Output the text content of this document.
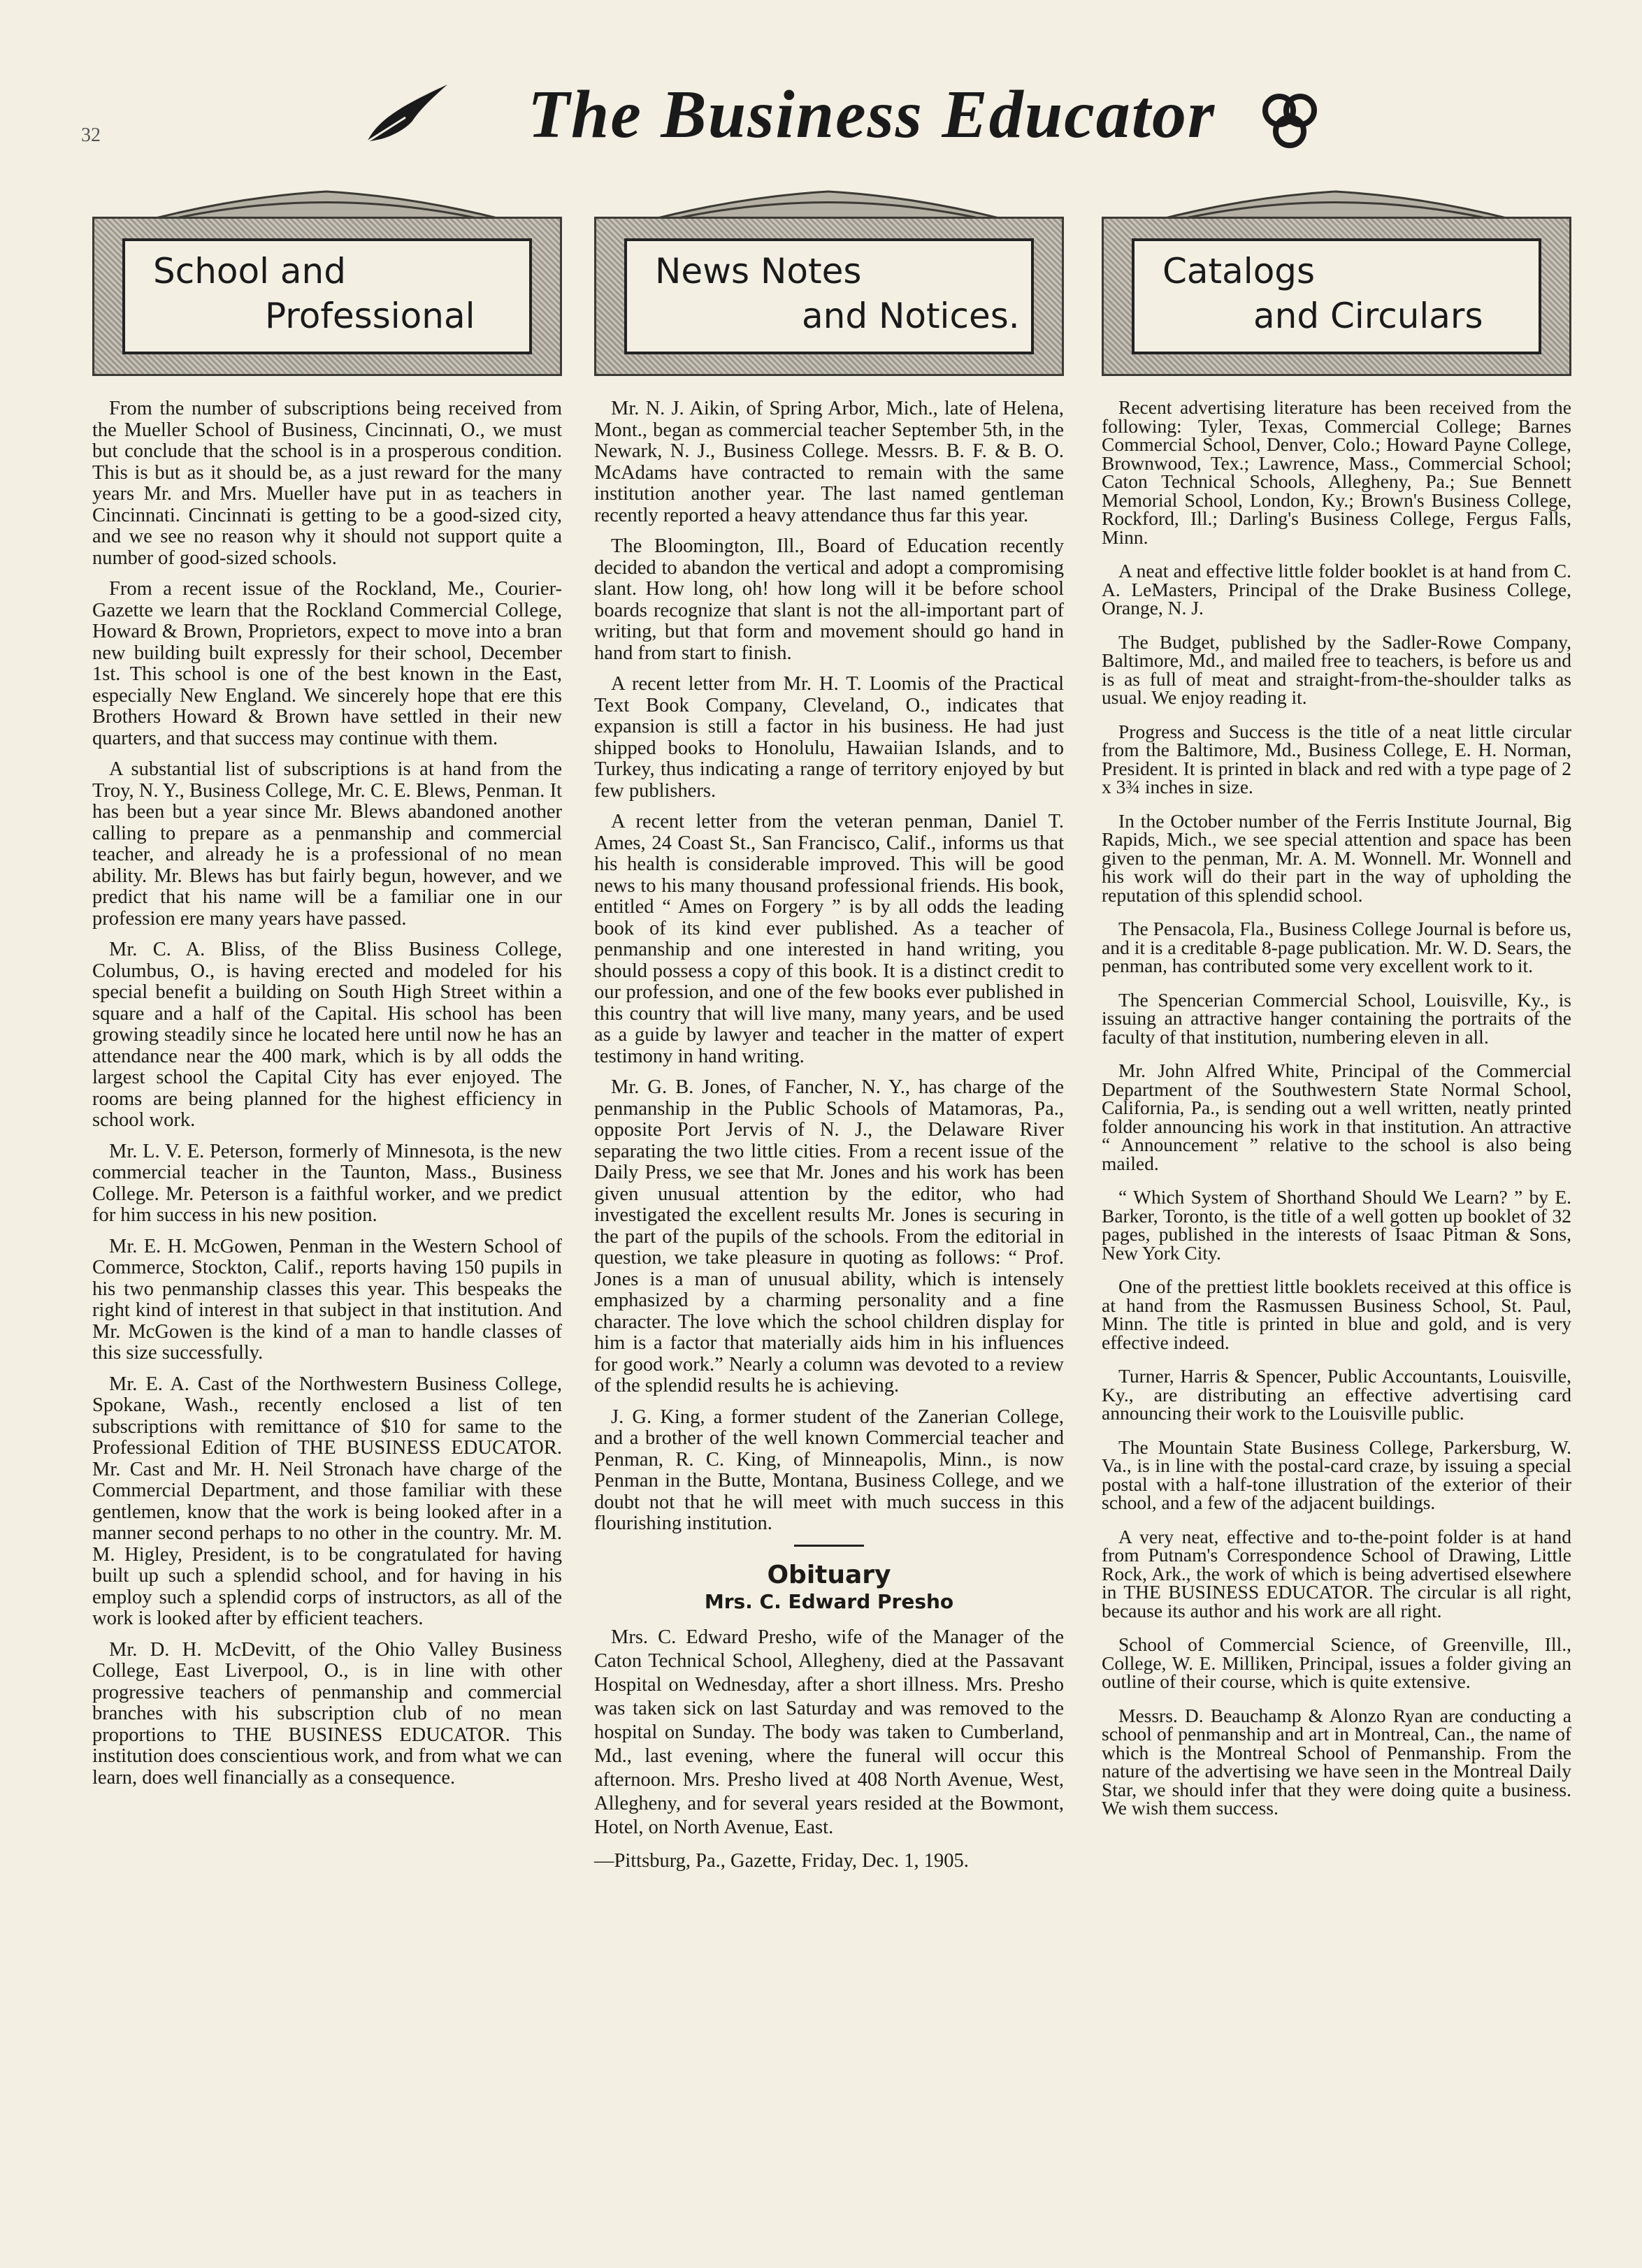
32	The Business Educator
School and
Professional

From the number of subscriptions being received from the Mueller School of Business, Cincinnati, O., we must but conclude that the school is in a prosperous condition. This is but as it should be, as a just reward for the many years Mr. and Mrs. Mueller have put in as teachers in Cincinnati. Cincinnati is getting to be a good-sized city, and we see no reason why it should not support quite a number of good-sized schools.

From a recent issue of the Rockland, Me., Courier-Gazette we learn that the Rockland Commercial College, Howard & Brown, Proprietors, expect to move into a bran new building built expressly for their school, December 1st. This school is one of the best known in the East, especially New England. We sincerely hope that ere this Brothers Howard & Brown have settled in their new quarters, and that success may continue with them.

A substantial list of subscriptions is at hand from the Troy, N. Y., Business College, Mr. C. E. Blews, Penman. It has been but a year since Mr. Blews abandoned another calling to prepare as a penmanship and commercial teacher, and already he is a professional of no mean ability. Mr. Blews has but fairly begun, however, and we predict that his name will be a familiar one in our profession ere many years have passed.

Mr. C. A. Bliss, of the Bliss Business College, Columbus, O., is having erected and modeled for his special benefit a building on South High Street within a square and a half of the Capital. His school has been growing steadily since he located here until now he has an attendance near the 400 mark, which is by all odds the largest school the Capital City has ever enjoyed. The rooms are being planned for the highest efficiency in school work.

Mr. L. V. E. Peterson, formerly of Minnesota, is the new commercial teacher in the Taunton, Mass., Business College. Mr. Peterson is a faithful worker, and we predict for him success in his new position.

Mr. E. H. McGowen, Penman in the Western School of Commerce, Stockton, Calif., reports having 150 pupils in his two penmanship classes this year. This bespeaks the right kind of interest in that subject in that institution. And Mr. McGowen is the kind of a man to handle classes of this size successfully.

Mr. E. A. Cast of the Northwestern Business College, Spokane, Wash., recently enclosed a list of ten subscriptions with remittance of $10 for same to the Professional Edition of THE BUSINESS EDUCATOR. Mr. Cast and Mr. H. Neil Stronach have charge of the Commercial Department, and those familiar with these gentlemen, know that the work is being looked after in a manner second perhaps to no other in the country. Mr. M. M. Higley, President, is to be congratulated for having built up such a splendid school, and for having in his employ such a splendid corps of instructors, as all of the work is looked after by efficient teachers.

Mr. D. H. McDevitt, of the Ohio Valley Business College, East Liverpool, O., is in line with other progressive teachers of penmanship and commercial branches with his subscription club of no mean proportions to THE BUSINESS EDUCATOR. This institution does conscientious work, and from what we can learn, does well financially as a consequence.

News Notes
and Notices.

Mr. N. J. Aikin, of Spring Arbor, Mich., late of Helena, Mont., began as commercial teacher September 5th, in the Newark, N. J., Business College. Messrs. B. F. & B. O. McAdams have contracted to remain with the same institution another year. The last named gentleman recently reported a heavy attendance thus far this year.

The Bloomington, Ill., Board of Education recently decided to abandon the vertical and adopt a compromising slant. How long, oh! how long will it be before school boards recognize that slant is not the all-important part of writing, but that form and movement should go hand in hand from start to finish.

A recent letter from Mr. H. T. Loomis of the Practical Text Book Company, Cleveland, O., indicates that expansion is still a factor in his business. He had just shipped books to Honolulu, Hawaiian Islands, and to Turkey, thus indicating a range of territory enjoyed by but few publishers.

A recent letter from the veteran penman, Daniel T. Ames, 24 Coast St., San Francisco, Calif., informs us that his health is considerable improved. This will be good news to his many thousand professional friends. His book, entitled “ Ames on Forgery ” is by all odds the leading book of its kind ever published. As a teacher of penmanship and one interested in hand writing, you should possess a copy of this book. It is a distinct credit to our profession, and one of the few books ever published in this country that will live many, many years, and be used as a guide by lawyer and teacher in the matter of expert testimony in hand writing.

Mr. G. B. Jones, of Fancher, N. Y., has charge of the penmanship in the Public Schools of Matamoras, Pa., opposite Port Jervis of N. J., the Delaware River separating the two little cities. From a recent issue of the Daily Press, we see that Mr. Jones and his work has been given unusual attention by the editor, who had investigated the excellent results Mr. Jones is securing in the part of the pupils of the schools. From the editorial in question, we take pleasure in quoting as follows: “ Prof. Jones is a man of unusual ability, which is intensely emphasized by a charming personality and a fine character. The love which the school children display for him is a factor that materially aids him in his influences for good work.” Nearly a column was devoted to a review of the splendid results he is achieving.

J. G. King, a former student of the Zanerian College, and a brother of the well known Commercial teacher and Penman, R. C. King, of Minneapolis, Minn., is now Penman in the Butte, Montana, Business College, and we doubt not that he will meet with much success in this flourishing institution.

Obituary
Mrs. C. Edward Presho

Mrs. C. Edward Presho, wife of the Manager of the Caton Technical School, Allegheny, died at the Passavant Hospital on Wednesday, after a short illness. Mrs. Presho was taken sick on last Saturday and was removed to the hospital on Sunday. The body was taken to Cumberland, Md., last evening, where the funeral will occur this afternoon. Mrs. Presho lived at 408 North Avenue, West, Allegheny, and for several years resided at the Bowmont, Hotel, on North Avenue, East.

—Pittsburg, Pa., Gazette, Friday, Dec. 1, 1905.

Catalogs
and Circulars

Recent advertising literature has been received from the following: Tyler, Texas, Commercial College; Barnes Commercial School, Denver, Colo.; Howard Payne College, Brownwood, Tex.; Lawrence, Mass., Commercial School; Caton Technical Schools, Allegheny, Pa.; Sue Bennett Memorial School, London, Ky.; Brown's Business College, Rockford, Ill.; Darling's Business College, Fergus Falls, Minn.

A neat and effective little folder booklet is at hand from C. A. LeMasters, Principal of the Drake Business College, Orange, N. J.

The Budget, published by the Sadler-Rowe Company, Baltimore, Md., and mailed free to teachers, is before us and is as full of meat and straight-from-the-shoulder talks as usual. We enjoy reading it.

Progress and Success is the title of a neat little circular from the Baltimore, Md., Business College, E. H. Norman, President. It is printed in black and red with a type page of 2 x 3¾ inches in size.

In the October number of the Ferris Institute Journal, Big Rapids, Mich., we see special attention and space has been given to the penman, Mr. A. M. Wonnell. Mr. Wonnell and his work will do their part in the way of upholding the reputation of this splendid school.

The Pensacola, Fla., Business College Journal is before us, and it is a creditable 8-page publication. Mr. W. D. Sears, the penman, has contributed some very excellent work to it.

The Spencerian Commercial School, Louisville, Ky., is issuing an attractive hanger containing the portraits of the faculty of that institution, numbering eleven in all.

Mr. John Alfred White, Principal of the Commercial Department of the Southwestern State Normal School, California, Pa., is sending out a well written, neatly printed folder announcing his work in that institution. An attractive “ Announcement ” relative to the school is also being mailed.

“ Which System of Shorthand Should We Learn? ” by E. Barker, Toronto, is the title of a well gotten up booklet of 32 pages, published in the interests of Isaac Pitman & Sons, New York City.

One of the prettiest little booklets received at this office is at hand from the Rasmussen Business School, St. Paul, Minn. The title is printed in blue and gold, and is very effective indeed.

Turner, Harris & Spencer, Public Accountants, Louisville, Ky., are distributing an effective advertising card announcing their work to the Louisville public.

The Mountain State Business College, Parkersburg, W. Va., is in line with the postal-card craze, by issuing a special postal with a half-tone illustration of the exterior of their school, and a few of the adjacent buildings.

A very neat, effective and to-the-point folder is at hand from Putnam's Correspondence School of Drawing, Little Rock, Ark., the work of which is being advertised elsewhere in THE BUSINESS EDUCATOR. The circular is all right, because its author and his work are all right.

School of Commercial Science, of Greenville, Ill., College, W. E. Milliken, Principal, issues a folder giving an outline of their course, which is quite extensive.

Messrs. D. Beauchamp & Alonzo Ryan are conducting a school of penmanship and art in Montreal, Can., the name of which is the Montreal School of Penmanship. From the nature of the advertising we have seen in the Montreal Daily Star, we should infer that they were doing quite a business. We wish them success.
